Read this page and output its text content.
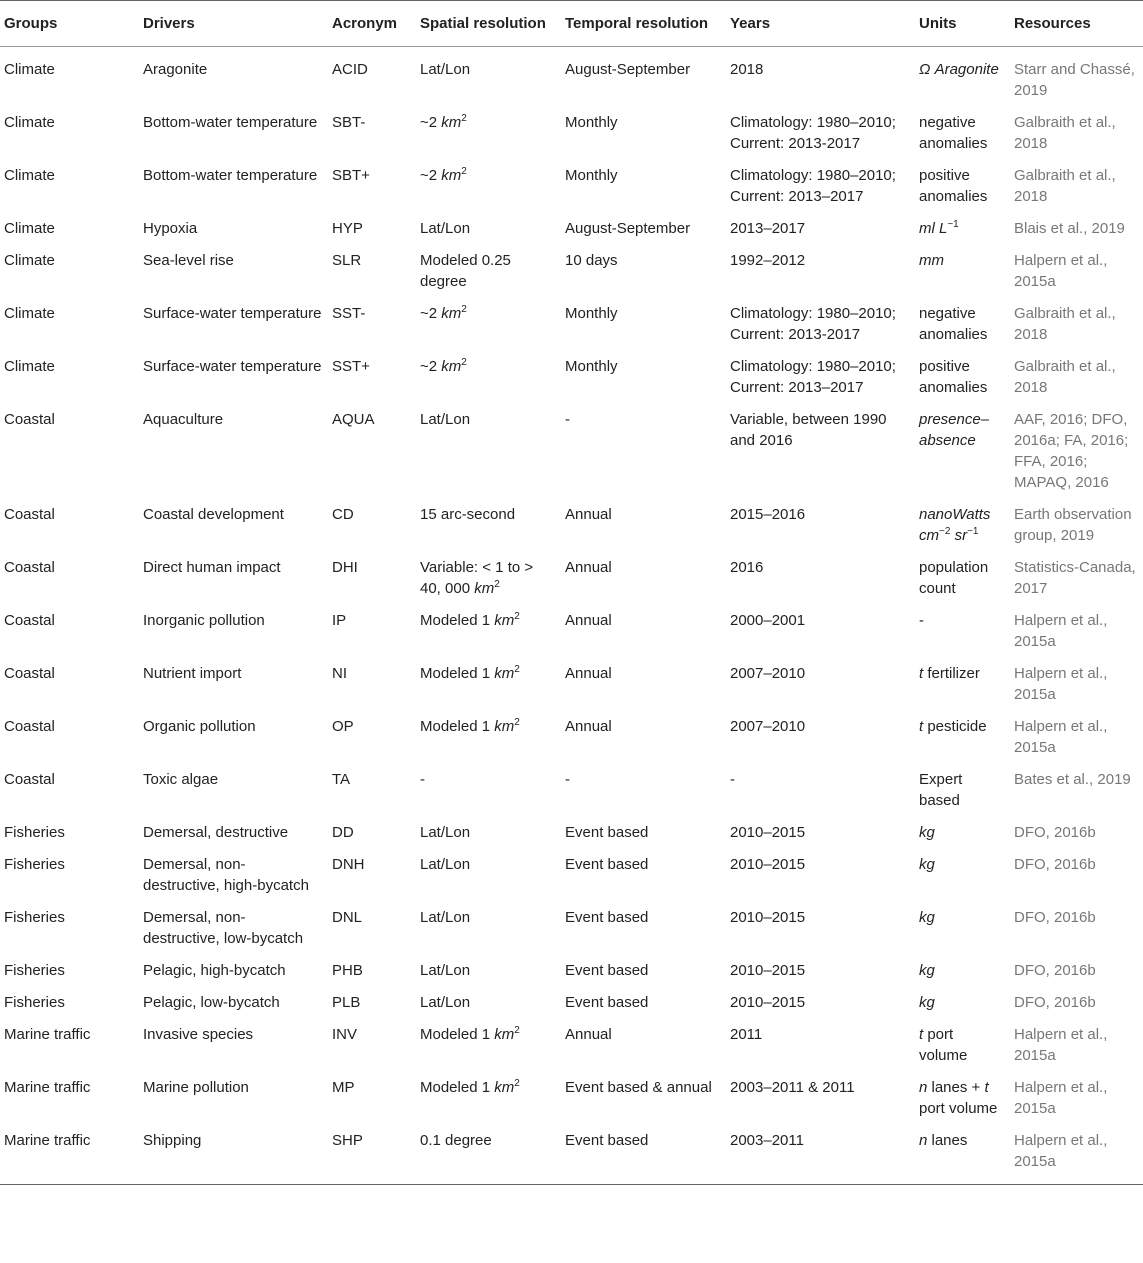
Groups	Drivers	Acronym	Spatial resolution	Temporal resolution	Years	Units	Resources
Climate	Aragonite	ACID	Lat/Lon	August-September	2018	Ω Aragonite	Starr and Chassé, 2019
Climate	Bottom-water temperature	SBT-	~2 $km^2$	Monthly	Climatology: 1980–2010; Current: 2013-2017	negative anomalies	Galbraith et al., 2018
Climate	Bottom-water temperature	SBT+	~2 $km^2$	Monthly	Climatology: 1980–2010; Current: 2013–2017	positive anomalies	Galbraith et al., 2018
Climate	Hypoxia	HYP	Lat/Lon	August-September	2013–2017	ml $L^{-1}$	Blais et al., 2019
Climate	Sea-level rise	SLR	Modeled 0.25 degree	10 days	1992–2012	mm	Halpern et al., 2015a
Climate	Surface-water temperature	SST-	~2 $km^2$	Monthly	Climatology: 1980–2010; Current: 2013-2017	negative anomalies	Galbraith et al., 2018
Climate	Surface-water temperature	SST+	~2 $km^2$	Monthly	Climatology: 1980–2010; Current: 2013–2017	positive anomalies	Galbraith et al., 2018
Coastal	Aquaculture	AQUA	Lat/Lon	-	Variable, between 1990 and 2016	presence–absence	AAF, 2016; DFO, 2016a; FA, 2016; FFA, 2016; MAPAQ, 2016
Coastal	Coastal development	CD	15 arc-second	Annual	2015–2016	nanoWatts $cm^{-2}$ $sr^{-1}$	Earth observation group, 2019
Coastal	Direct human impact	DHI	Variable: < 1 to > 40, 000 $km^2$	Annual	2016	population count	Statistics-Canada, 2017
Coastal	Inorganic pollution	IP	Modeled 1 $km^2$	Annual	2000–2001	-	Halpern et al., 2015a
Coastal	Nutrient import	NI	Modeled 1 $km^2$	Annual	2007–2010	t fertilizer	Halpern et al., 2015a
Coastal	Organic pollution	OP	Modeled 1 $km^2$	Annual	2007–2010	t pesticide	Halpern et al., 2015a
Coastal	Toxic algae	TA	-	-	-	Expert based	Bates et al., 2019
Fisheries	Demersal, destructive	DD	Lat/Lon	Event based	2010–2015	kg	DFO, 2016b
Fisheries	Demersal, non-destructive, high-bycatch	DNH	Lat/Lon	Event based	2010–2015	kg	DFO, 2016b
Fisheries	Demersal, non-destructive, low-bycatch	DNL	Lat/Lon	Event based	2010–2015	kg	DFO, 2016b
Fisheries	Pelagic, high-bycatch	PHB	Lat/Lon	Event based	2010–2015	kg	DFO, 2016b
Fisheries	Pelagic, low-bycatch	PLB	Lat/Lon	Event based	2010–2015	kg	DFO, 2016b
Marine traffic	Invasive species	INV	Modeled 1 $km^2$	Annual	2011	t port volume	Halpern et al., 2015a
Marine traffic	Marine pollution	MP	Modeled 1 $km^2$	Event based & annual	2003–2011 & 2011	n lanes + t port volume	Halpern et al., 2015a
Marine traffic	Shipping	SHP	0.1 degree	Event based	2003–2011	n lanes	Halpern et al., 2015a
